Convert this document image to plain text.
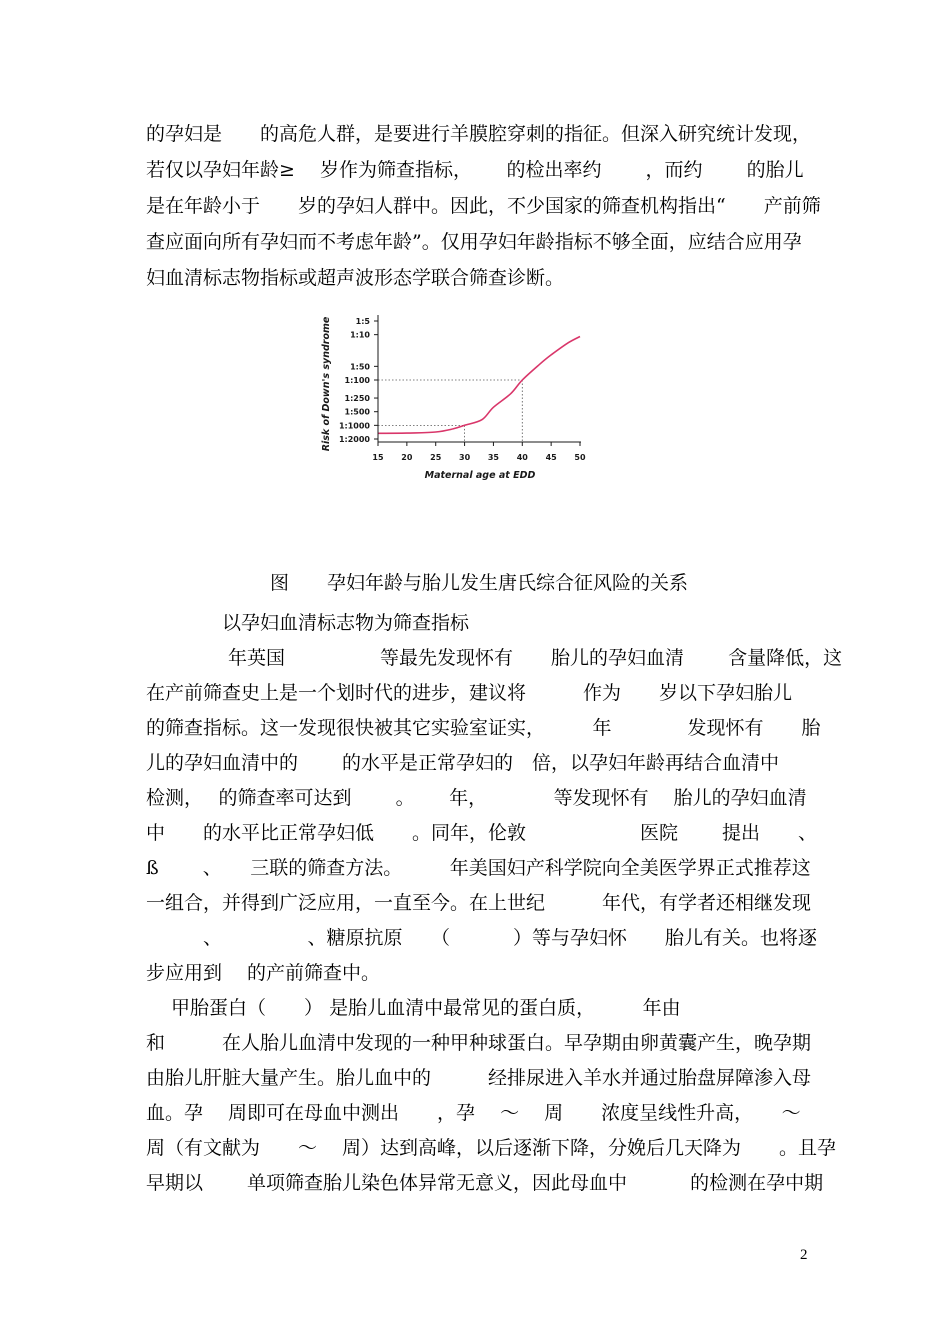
的孕妇是　　的高危人群，是要进行羊膜腔穿刺的指征。但深入研究统计发现，
若仅以孕妇年龄≥　 岁作为筛查指标，　　 的检出率约　　 ，而约　　 的胎儿
是在年龄小于　　岁的孕妇人群中。因此，不少国家的筛查机构指出“　　产前筛
查应面向所有孕妇而不考虑年龄”。仅用孕妇年龄指标不够全面，应结合应用孕
妇血清标志物指标或超声波形态学联合筛查诊断。
1:5
1:10
1:50
1:100
1:250
1:500
1:1000
1:2000
15 20 25 30 35 40 45 50
Maternal age at EDD
Risk of Down's syndrome
图　　孕妇年龄与胎儿发生唐氏综合征风险的关系
以孕妇血清标志物为筛查指标
　　　　 年英国　　　　　等最先发现怀有　　胎儿的孕妇血清　　 含量降低，这
在产前筛查史上是一个划时代的进步，建议将　　　作为　　岁以下孕妇胎儿
的筛查指标。这一发现很快被其它实验室证实，　　　年　　　　发现怀有　　胎
儿的孕妇血清中的　　 的水平是正常孕妇的　倍，以孕妇年龄再结合血清中
检测，　 的筛查率可达到　　 。　　 年，　　　　等发现怀有　 胎儿的孕妇血清
中　　的水平比正常孕妇低　　。同年，伦敦　　　　　　医院　　 提出　　、
ß　　 、　　三联的筛查方法。　　　年美国妇产科学院向全美医学界正式推荐这
一组合，并得到广泛应用，一直至今。在上世纪　　　年代，有学者还相继发现
　　　、　　　　　、糖原抗原　　（　　　 ）等与孕妇怀　　胎儿有关。也将逐
步应用到　 的产前筛查中。
　 甲胎蛋白（　　） 是胎儿血清中最常见的蛋白质，　　　年由
和　　　在人胎儿血清中发现的一种甲种球蛋白。早孕期由卵黄囊产生，晚孕期
由胎儿肝脏大量产生。胎儿血中的　　　经排尿进入羊水并通过胎盘屏障渗入母
血。孕　 周即可在母血中测出　　，孕　 ～　 周　　浓度呈线性升高，　　～
周（有文献为　　～　 周）达到高峰，以后逐渐下降，分娩后几天降为　　。且孕
早期以　　 单项筛查胎儿染色体异常无意义，因此母血中　　　 的检测在孕中期
2
